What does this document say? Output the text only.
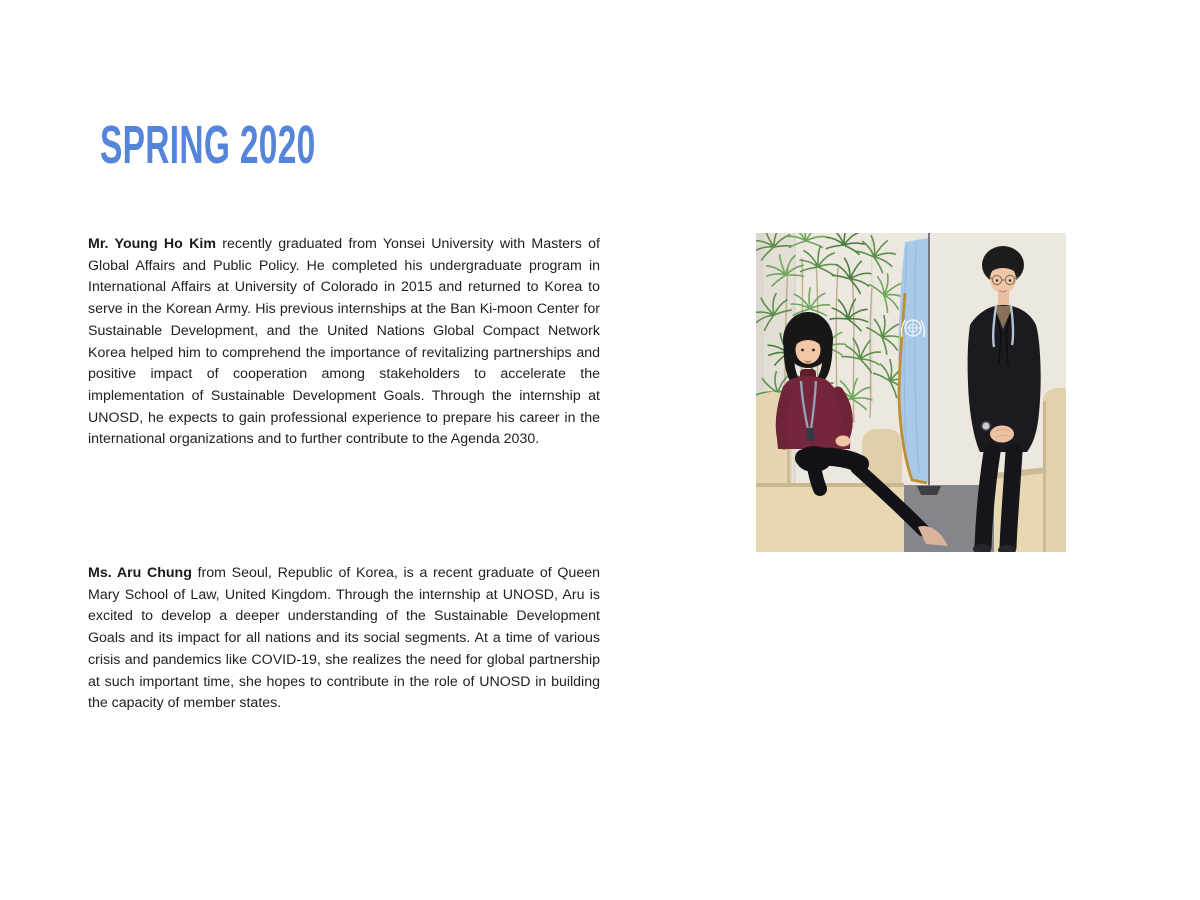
SPRING 2020

Mr. Young Ho Kim recently graduated from Yonsei University with Masters of Global Affairs and Public Policy. He completed his undergraduate program in International Affairs at University of Colorado in 2015 and returned to Korea to serve in the Korean Army. His previous internships at the Ban Ki-moon Center for Sustainable Development, and the United Nations Global Compact Network Korea helped him to comprehend the importance of revitalizing partnerships and positive impact of cooperation among stakeholders to accelerate the implementation of Sustainable Development Goals. Through the internship at UNOSD, he expects to gain professional experience to prepare his career in the international organizations and to further contribute to the Agenda 2030.

Ms. Aru Chung from Seoul, Republic of Korea, is a recent graduate of Queen Mary School of Law, United Kingdom. Through the internship at UNOSD, Aru is excited to develop a deeper understanding of the Sustainable Development Goals and its impact for all nations and its social segments. At a time of various crisis and pandemics like COVID-19, she realizes the need for global partnership at such important time, she hopes to contribute in the role of UNOSD in building the capacity of member states.
